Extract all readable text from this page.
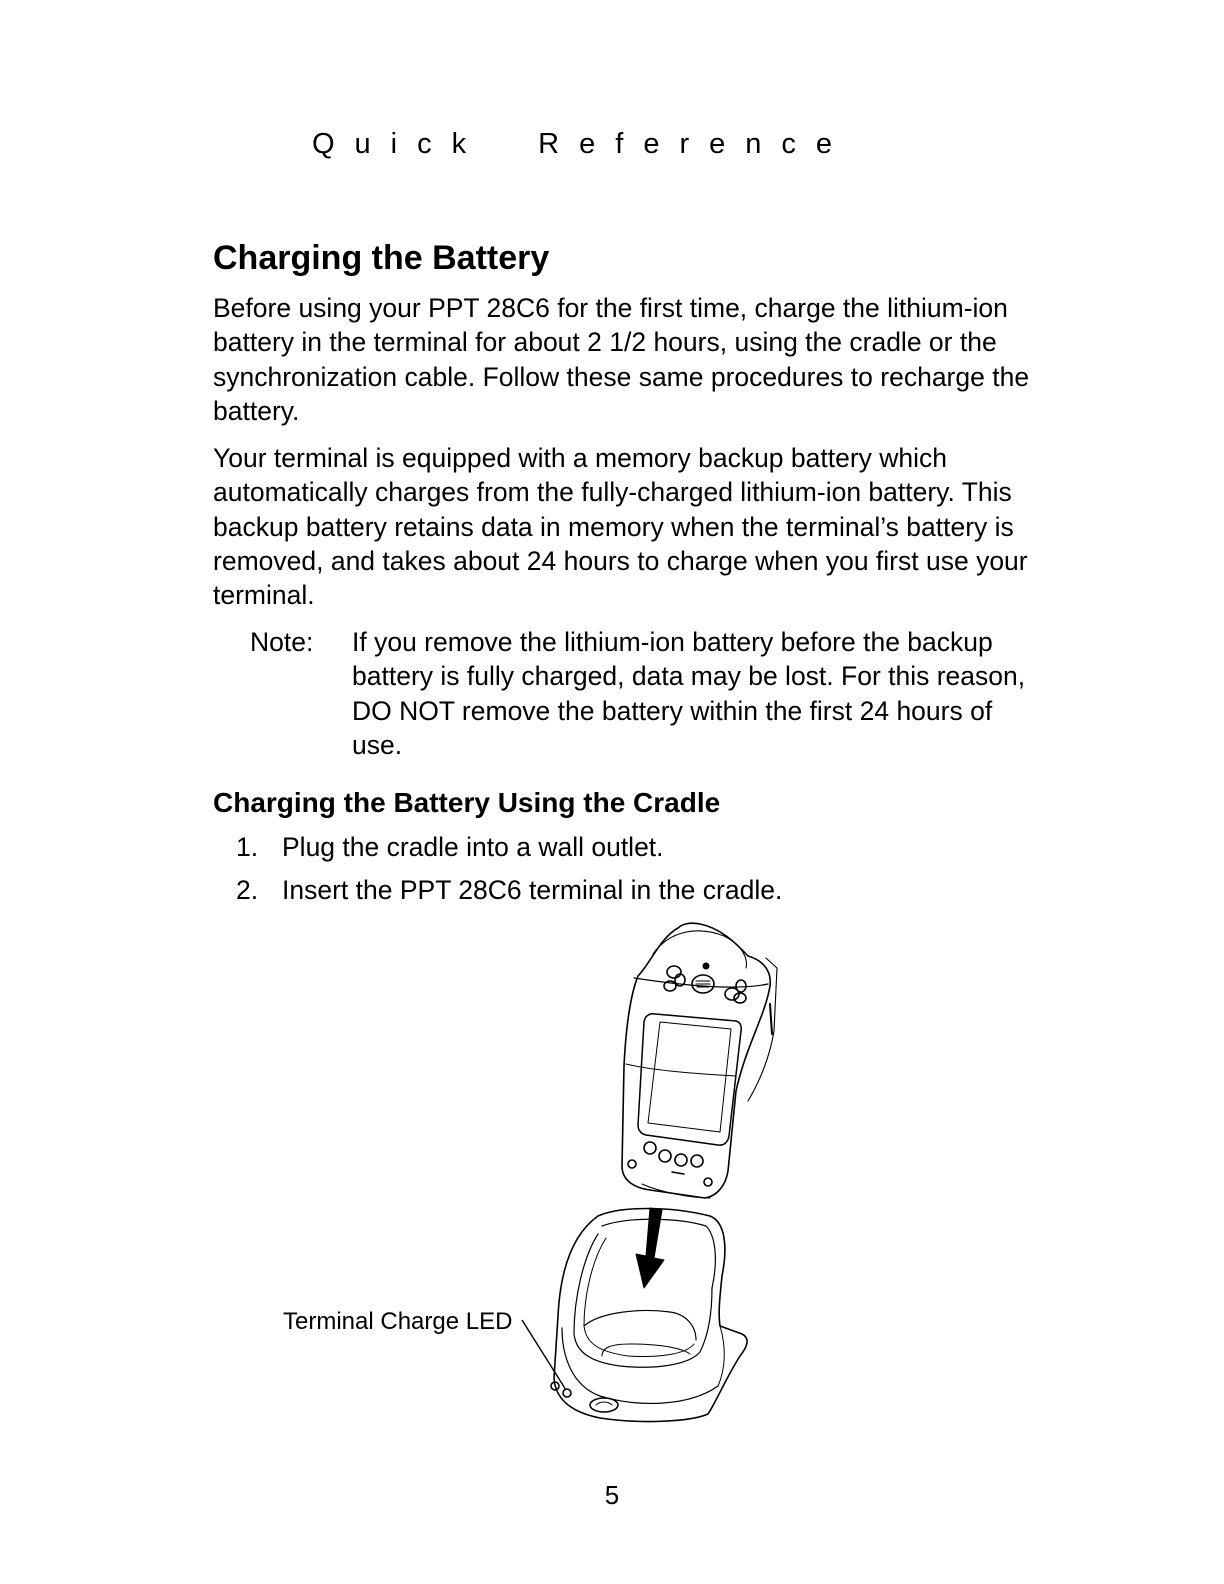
Quick Reference
Charging the Battery

Before using your PPT 28C6 for the first time, charge the lithium-ion battery in the terminal for about 2 1/2 hours, using the cradle or the synchronization cable. Follow these same procedures to recharge the battery.

Your terminal is equipped with a memory backup battery which automatically charges from the fully-charged lithium-ion battery. This backup battery retains data in memory when the terminal’s battery is removed, and takes about 24 hours to charge when you first use your terminal.

Note: If you remove the lithium-ion battery before the backup battery is fully charged, data may be lost. For this reason, DO NOT remove the battery within the first 24 hours of use.

Charging the Battery Using the Cradle
1. Plug the cradle into a wall outlet.
2. Insert the PPT 28C6 terminal in the cradle.
Terminal Charge LED
5
